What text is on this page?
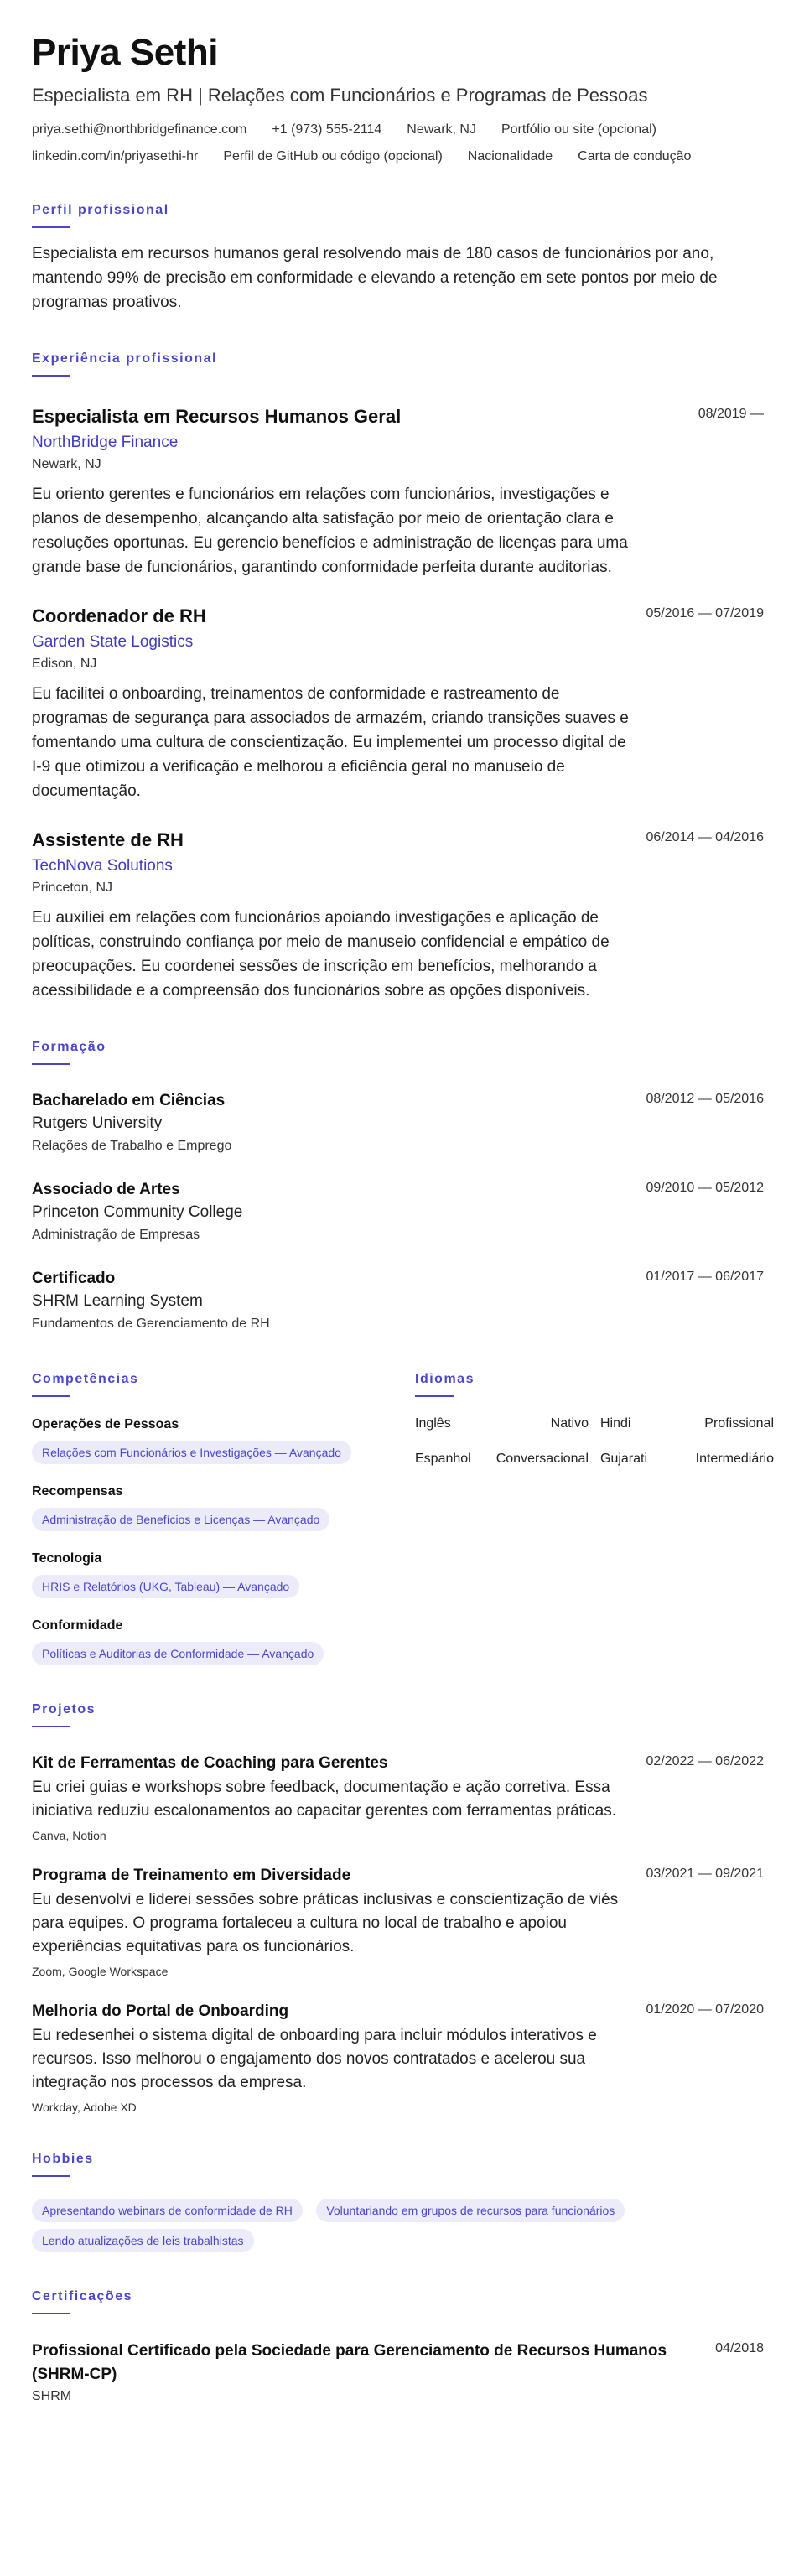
Priya Sethi
Especialista em RH | Relações com Funcionários e Programas de Pessoas
priya.sethi@northbridgefinance.com +1 (973) 555-2114 Newark, NJ Portfólio ou site (opcional)
linkedin.com/in/priyasethi-hr Perfil de GitHub ou código (opcional) Nacionalidade Carta de condução
Perfil profissional
Especialista em recursos humanos geral resolvendo mais de 180 casos de funcionários por ano, mantendo 99% de precisão em conformidade e elevando a retenção em sete pontos por meio de programas proativos.
Experiência profissional
Especialista em Recursos Humanos Geral	08/2019 —
NorthBridge Finance
Newark, NJ
Eu oriento gerentes e funcionários em relações com funcionários, investigações e planos de desempenho, alcançando alta satisfação por meio de orientação clara e resoluções oportunas. Eu gerencio benefícios e administração de licenças para uma grande base de funcionários, garantindo conformidade perfeita durante auditorias.
Coordenador de RH	05/2016 — 07/2019
Garden State Logistics
Edison, NJ
Eu facilitei o onboarding, treinamentos de conformidade e rastreamento de programas de segurança para associados de armazém, criando transições suaves e fomentando uma cultura de conscientização. Eu implementei um processo digital de I-9 que otimizou a verificação e melhorou a eficiência geral no manuseio de documentação.
Assistente de RH	06/2014 — 04/2016
TechNova Solutions
Princeton, NJ
Eu auxiliei em relações com funcionários apoiando investigações e aplicação de políticas, construindo confiança por meio de manuseio confidencial e empático de preocupações. Eu coordenei sessões de inscrição em benefícios, melhorando a acessibilidade e a compreensão dos funcionários sobre as opções disponíveis.
Formação
Bacharelado em Ciências	08/2012 — 05/2016
Rutgers University
Relações de Trabalho e Emprego
Associado de Artes	09/2010 — 05/2012
Princeton Community College
Administração de Empresas
Certificado	01/2017 — 06/2017
SHRM Learning System
Fundamentos de Gerenciamento de RH
Competências
Operações de Pessoas
Relações com Funcionários e Investigações — Avançado
Recompensas
Administração de Benefícios e Licenças — Avançado
Tecnologia
HRIS e Relatórios (UKG, Tableau) — Avançado
Conformidade
Políticas e Auditorias de Conformidade — Avançado
Idiomas
Inglês	Nativo Hindi	Profissional
Espanhol Conversacional Gujarati	Intermediário
Projetos
Kit de Ferramentas de Coaching para Gerentes	02/2022 — 06/2022
Eu criei guias e workshops sobre feedback, documentação e ação corretiva. Essa iniciativa reduziu escalonamentos ao capacitar gerentes com ferramentas práticas.
Canva, Notion
Programa de Treinamento em Diversidade	03/2021 — 09/2021
Eu desenvolvi e liderei sessões sobre práticas inclusivas e conscientização de viés para equipes. O programa fortaleceu a cultura no local de trabalho e apoiou experiências equitativas para os funcionários.
Zoom, Google Workspace
Melhoria do Portal de Onboarding	01/2020 — 07/2020
Eu redesenhei o sistema digital de onboarding para incluir módulos interativos e recursos. Isso melhorou o engajamento dos novos contratados e acelerou sua integração nos processos da empresa.
Workday, Adobe XD
Hobbies
Apresentando webinars de conformidade de RH	Voluntariando em grupos de recursos para funcionários Lendo atualizações de leis trabalhistas
Certificações
Profissional Certificado pela Sociedade para Gerenciamento de Recursos Humanos (SHRM-CP)
04/2018
SHRM
